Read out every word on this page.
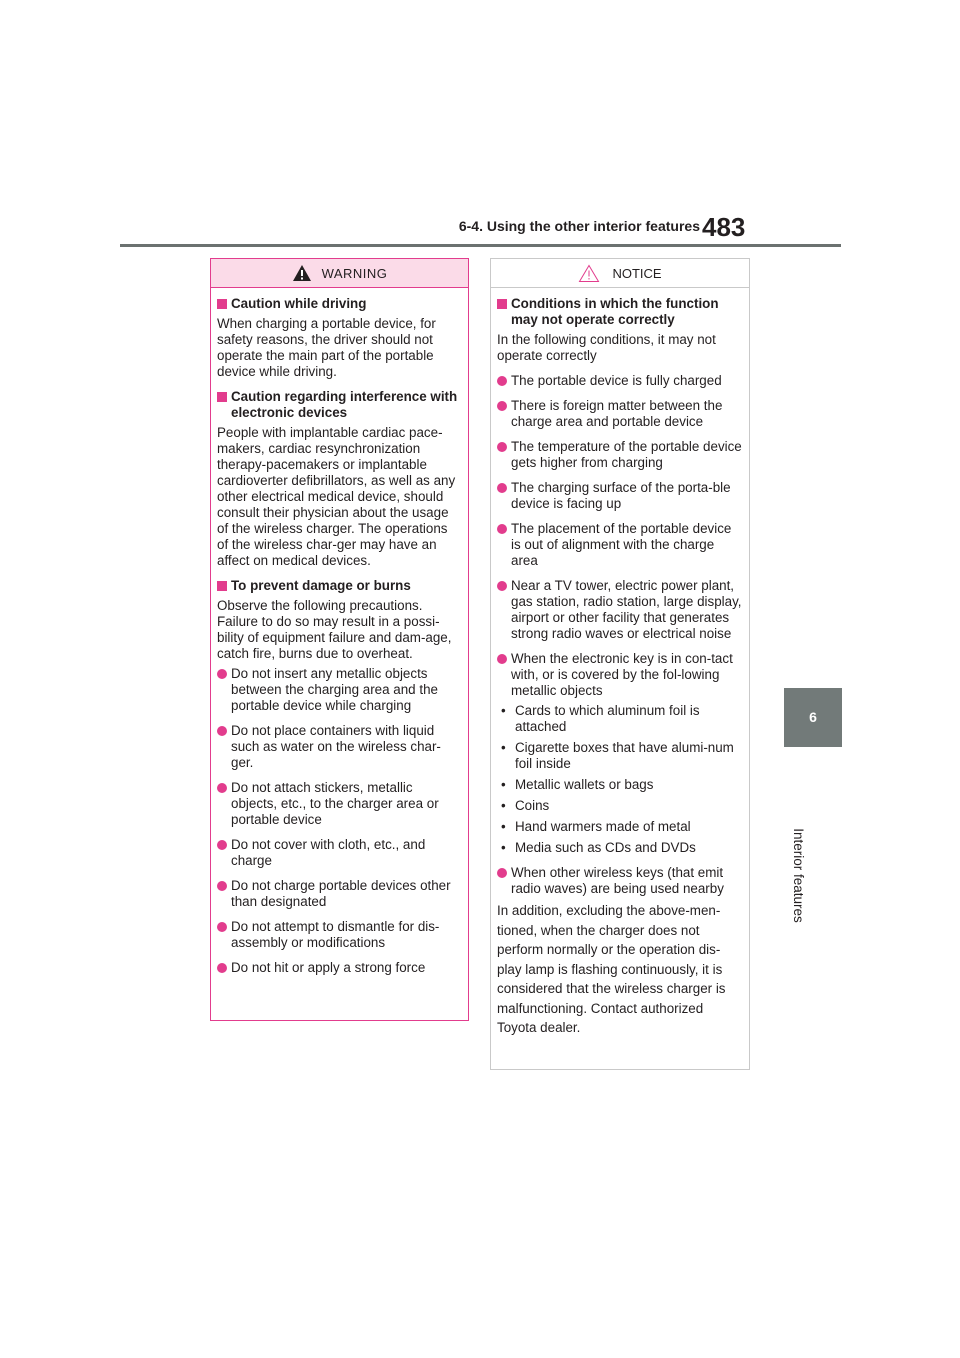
6-4. Using the other interior features 483
6
Interior features
WARNING
Caution while driving
When charging a portable device, for safety reasons, the driver should not operate the main part of the portable device while driving.
Caution regarding interference with electronic devices
People with implantable cardiac pace-makers, cardiac resynchronization therapy-pacemakers or implantable cardioverter defibrillators, as well as any other electrical medical device, should consult their physician about the usage of the wireless charger. The operations of the wireless char-ger may have an affect on medical devices.
To prevent damage or burns
Observe the following precautions. Failure to do so may result in a possi-bility of equipment failure and dam-age, catch fire, burns due to overheat.
Do not insert any metallic objects between the charging area and the portable device while charging
Do not place containers with liquid such as water on the wireless char-ger.
Do not attach stickers, metallic objects, etc., to the charger area or portable device
Do not cover with cloth, etc., and charge
Do not charge portable devices other than designated
Do not attempt to dismantle for dis-assembly or modifications
Do not hit or apply a strong force
NOTICE
Conditions in which the function may not operate correctly
In the following conditions, it may not operate correctly
The portable device is fully charged
There is foreign matter between the charge area and portable device
The temperature of the portable device gets higher from charging
The charging surface of the porta-ble device is facing up
The placement of the portable device is out of alignment with the charge area
Near a TV tower, electric power plant, gas station, radio station, large display, airport or other facility that generates strong radio waves or electrical noise
When the electronic key is in con-tact with, or is covered by the fol-lowing metallic objects
• Cards to which aluminum foil is attached
• Cigarette boxes that have alumi-num foil inside
• Metallic wallets or bags
• Coins
• Hand warmers made of metal
• Media such as CDs and DVDs
When other wireless keys (that emit radio waves) are being used nearby
In addition, excluding the above-men-tioned, when the charger does not perform normally or the operation dis-play lamp is flashing continuously, it is considered that the wireless charger is malfunctioning. Contact authorized Toyota dealer.
